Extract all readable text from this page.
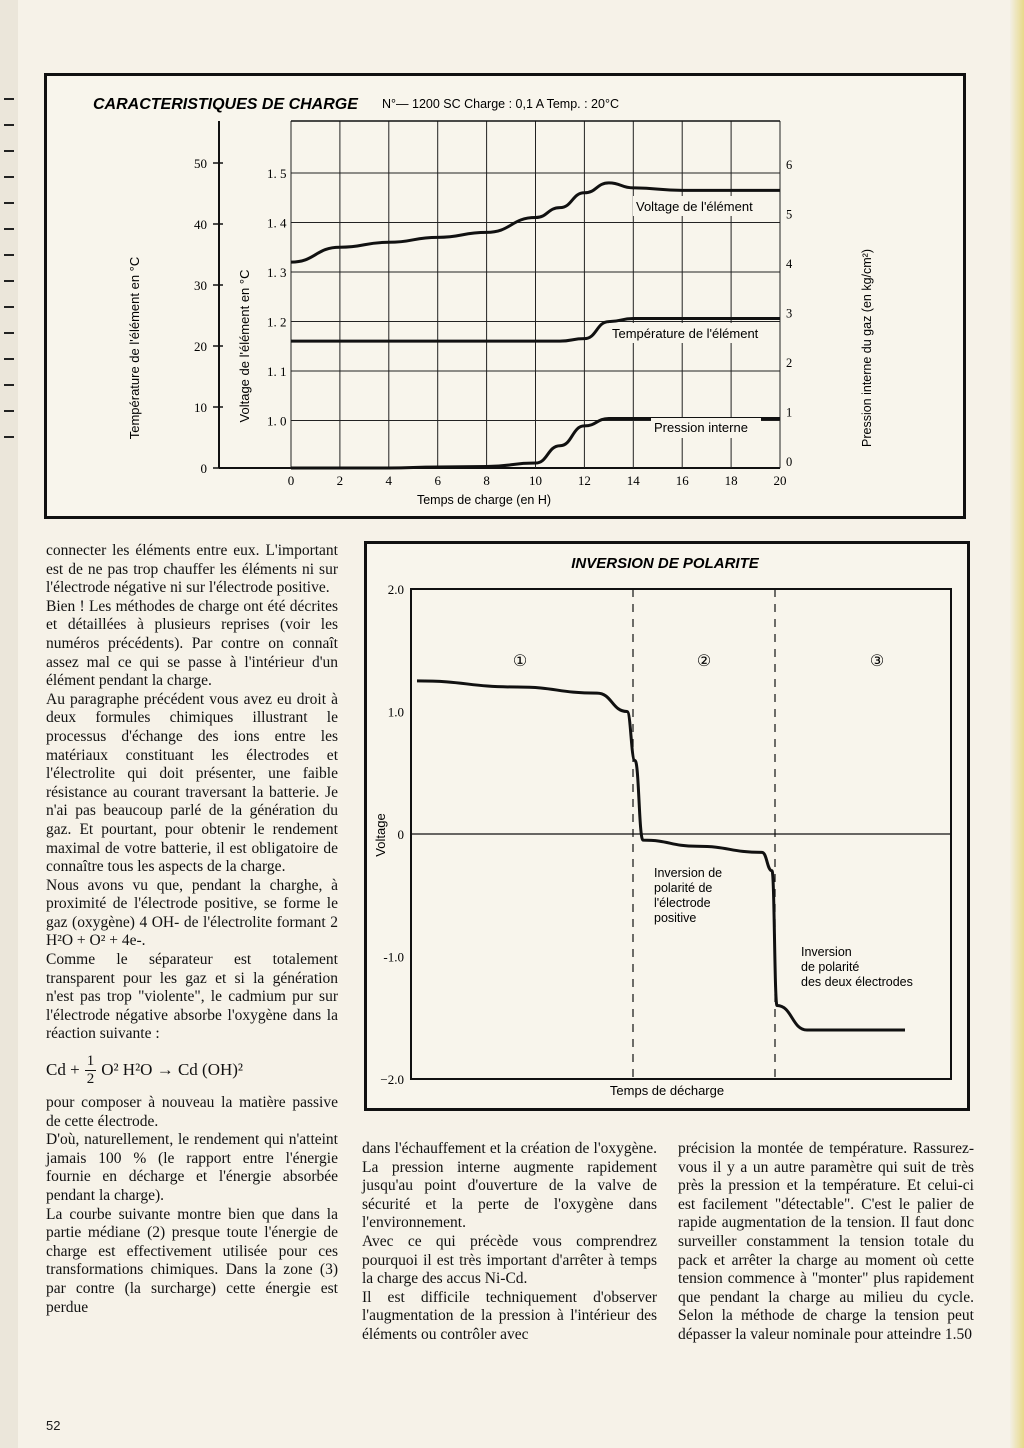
CARACTERISTIQUES DE CHARGE N°— 1200 SC Charge : 0,1 A Temp. : 20°C
Température de l'élément en °C	Voltage de l'élément en °C	Pression interne du gaz (en kg/cm²)
Temps de charge (en H)
50
40
30
20
10
0
1. 5
1. 4
1. 3
1. 2
1. 1
1. 0
6
5
4
3
2
1
0
0	2	4	6	8	10	12	14	16	18	20
Voltage de l'élément
Température de l'élément
Pression interne

connecter les éléments entre eux. L'important est de ne pas trop chauffer les éléments ni sur l'électrode négative ni sur l'électrode positive.

Bien ! Les méthodes de charge ont été décrites et détaillées à plusieurs reprises (voir les numéros précédents). Par contre on connaît assez mal ce qui se passe à l'intérieur d'un élément pendant la charge.

Au paragraphe précédent vous avez eu droit à deux formules chimiques illustrant le processus d'échange des ions entre les matériaux constituant les électrodes et l'électrolite qui doit présenter, une faible résistance au courant traversant la batterie. Je n'ai pas beaucoup parlé de la génération du gaz. Et pourtant, pour obtenir le rendement maximal de votre batterie, il est obligatoire de connaître tous les aspects de la charge.

Nous avons vu que, pendant la charghe, à proximité de l'électrode positive, se forme le gaz (oxygène) 4 OH- de l'électrolite formant 2 H²O + O² + 4e-.

Comme le séparateur est totalement transparent pour les gaz et si la génération n'est pas trop "violente", le cadmium pur sur l'électrode négative absorbe l'oxygène dans la réaction suivante :

$Cd + \frac{1}{2} O^2$ H²O → Cd (OH)²

pour composer à nouveau la matière passive de cette électrode.

D'où, naturellement, le rendement qui n'atteint jamais 100 % (le rapport entre l'énergie fournie en décharge et l'énergie absorbée pendant la charge).

La courbe suivante montre bien que dans la partie médiane (2) presque toute l'énergie de charge est effectivement utilisée pour ces transformations chimiques. Dans la zone (3) par contre (la surcharge) cette énergie est perdue

INVERSION DE POLARITE
Voltage
Temps de décharge
2.0
1.0
0
-1.0
−2.0
①	②	③
Inversion de
polarité de
l'électrode
positive
Inversion
de polarité
des deux électrodes

dans l'échauffement et la création de l'oxygène. La pression interne augmente rapidement jusqu'au point d'ouverture de la valve de sécurité et la perte de l'oxygène dans l'environnement.

Avec ce qui précède vous comprendrez pourquoi il est très important d'arrêter à temps la charge des accus Ni-Cd.

Il est difficile techniquement d'observer l'augmentation de la pression à l'intérieur des éléments ou contrôler avec

précision la montée de température. Rassurez-vous il y a un autre paramètre qui suit de très près la pression et la température. Et celui-ci est facilement "détectable". C'est le palier de rapide augmentation de la tension. Il faut donc surveiller constamment la tension totale du pack et arrêter la charge au moment où cette tension commence à "monter" plus rapidement que pendant la charge au milieu du cycle. Selon la méthode de charge la tension peut dépasser la valeur nominale pour atteindre 1.50

52
